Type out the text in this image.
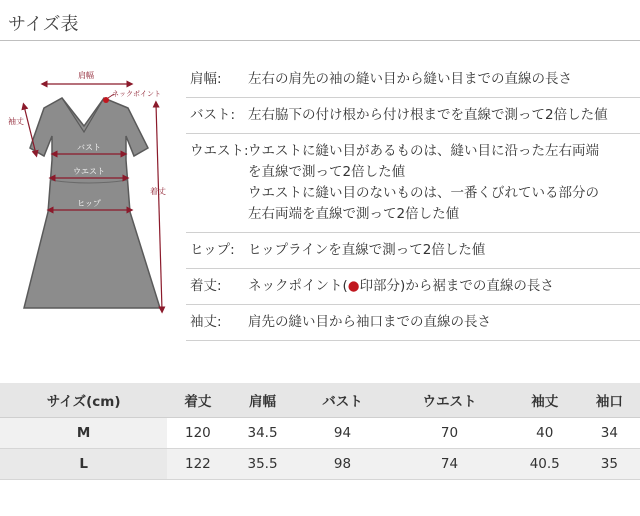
サイズ表
肩幅
ネックポイント
袖丈
バスト
ウエスト
ヒップ
着丈
肩幅:	左右の肩先の袖の縫い目から縫い目までの直線の長さ
バスト: 左右脇下の付け根から付け根までを直線で測って2倍した値
ウエスト: ウエストに縫い目があるものは、縫い目に沿った左右両端
を直線で測って2倍した値
ウエストに縫い目のないものは、一番くびれている部分の
左右両端を直線で測って2倍した値
ヒップ: ヒップラインを直線で測って2倍した値
着丈:	ネックポイント(●印部分)から裾までの直線の長さ
袖丈:	肩先の縫い目から袖口までの直線の長さ
サイズ(cm)	着丈	肩幅	バスト	ウエスト	袖丈	袖口
M	120	34.5	94	70	40	34
L	122	35.5	98	74	40.5	35
